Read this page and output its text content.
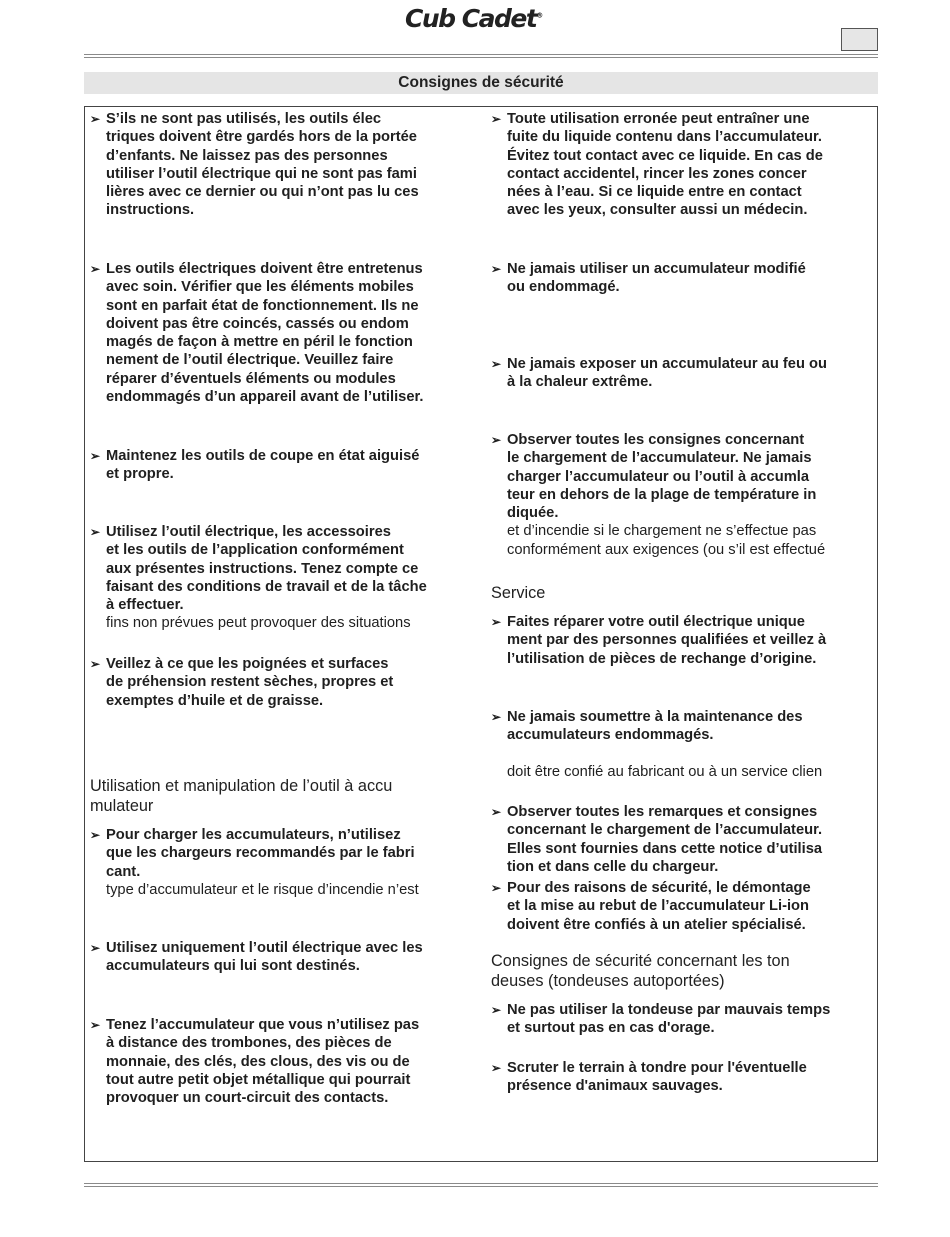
Cub Cadet®
Consignes de sécurité
➢ S’ils ne sont pas utilisés, les outils élec
triques doivent être gardés hors de la portée
d’enfants. Ne laissez pas des personnes
utiliser l’outil électrique qui ne sont pas fami
lières avec ce dernier ou qui n’ont pas lu ces
instructions.
➢ Les outils électriques doivent être entretenus
avec soin. Vérifier que les éléments mobiles
sont en parfait état de fonctionnement. Ils ne
doivent pas être coincés, cassés ou endom
magés de façon à mettre en péril le fonction
nement de l’outil électrique. Veuillez faire
réparer d’éventuels éléments ou modules
endommagés d’un appareil avant de l’utiliser.
➢ Maintenez les outils de coupe en état aiguisé
et propre.
➢ Utilisez l’outil électrique, les accessoires
et les outils de l’application conformément
aux présentes instructions. Tenez compte ce
faisant des conditions de travail et de la tâche
à effectuer.
fins non prévues peut provoquer des situations
➢ Veillez à ce que les poignées et surfaces
de préhension restent sèches, propres et
exemptes d’huile et de graisse.
Utilisation et manipulation de l’outil à accu
mulateur
➢ Pour charger les accumulateurs, n’utilisez
que les chargeurs recommandés par le fabri
cant.
type d’accumulateur et le risque d’incendie n’est
➢ Utilisez uniquement l’outil électrique avec les
accumulateurs qui lui sont destinés.
➢ Tenez l’accumulateur que vous n’utilisez pas
à distance des trombones, des pièces de
monnaie, des clés, des clous, des vis ou de
tout autre petit objet métallique qui pourrait
provoquer un court-circuit des contacts.
➢ Toute utilisation erronée peut entraîner une
fuite du liquide contenu dans l’accumulateur.
Évitez tout contact avec ce liquide. En cas de
contact accidentel, rincer les zones concer
nées à l’eau. Si ce liquide entre en contact
avec les yeux, consulter aussi un médecin.
➢ Ne jamais utiliser un accumulateur modifié
ou endommagé.
➢ Ne jamais exposer un accumulateur au feu ou
à la chaleur extrême.
➢ Observer toutes les consignes concernant
le chargement de l’accumulateur. Ne jamais
charger l’accumulateur ou l’outil à accumla
teur en dehors de la plage de température in
diquée.
et d’incendie si le chargement ne s’effectue pas
conformément aux exigences (ou s’il est effectué
Service
➢ Faites réparer votre outil électrique unique
ment par des personnes qualifiées et veillez à
l’utilisation de pièces de rechange d’origine.
➢ Ne jamais soumettre à la maintenance des
accumulateurs endommagés.
doit être confié au fabricant ou à un service clien
➢ Observer toutes les remarques et consignes
concernant le chargement de l’accumulateur.
Elles sont fournies dans cette notice d’utilisa
tion et dans celle du chargeur.
➢ Pour des raisons de sécurité, le démontage
et la mise au rebut de l’accumulateur Li-ion
doivent être confiés à un atelier spécialisé.
Consignes de sécurité concernant les ton
deuses (tondeuses autoportées)
➢ Ne pas utiliser la tondeuse par mauvais temps
et surtout pas en cas d'orage.
➢ Scruter le terrain à tondre pour l'éventuelle
présence d'animaux sauvages.
